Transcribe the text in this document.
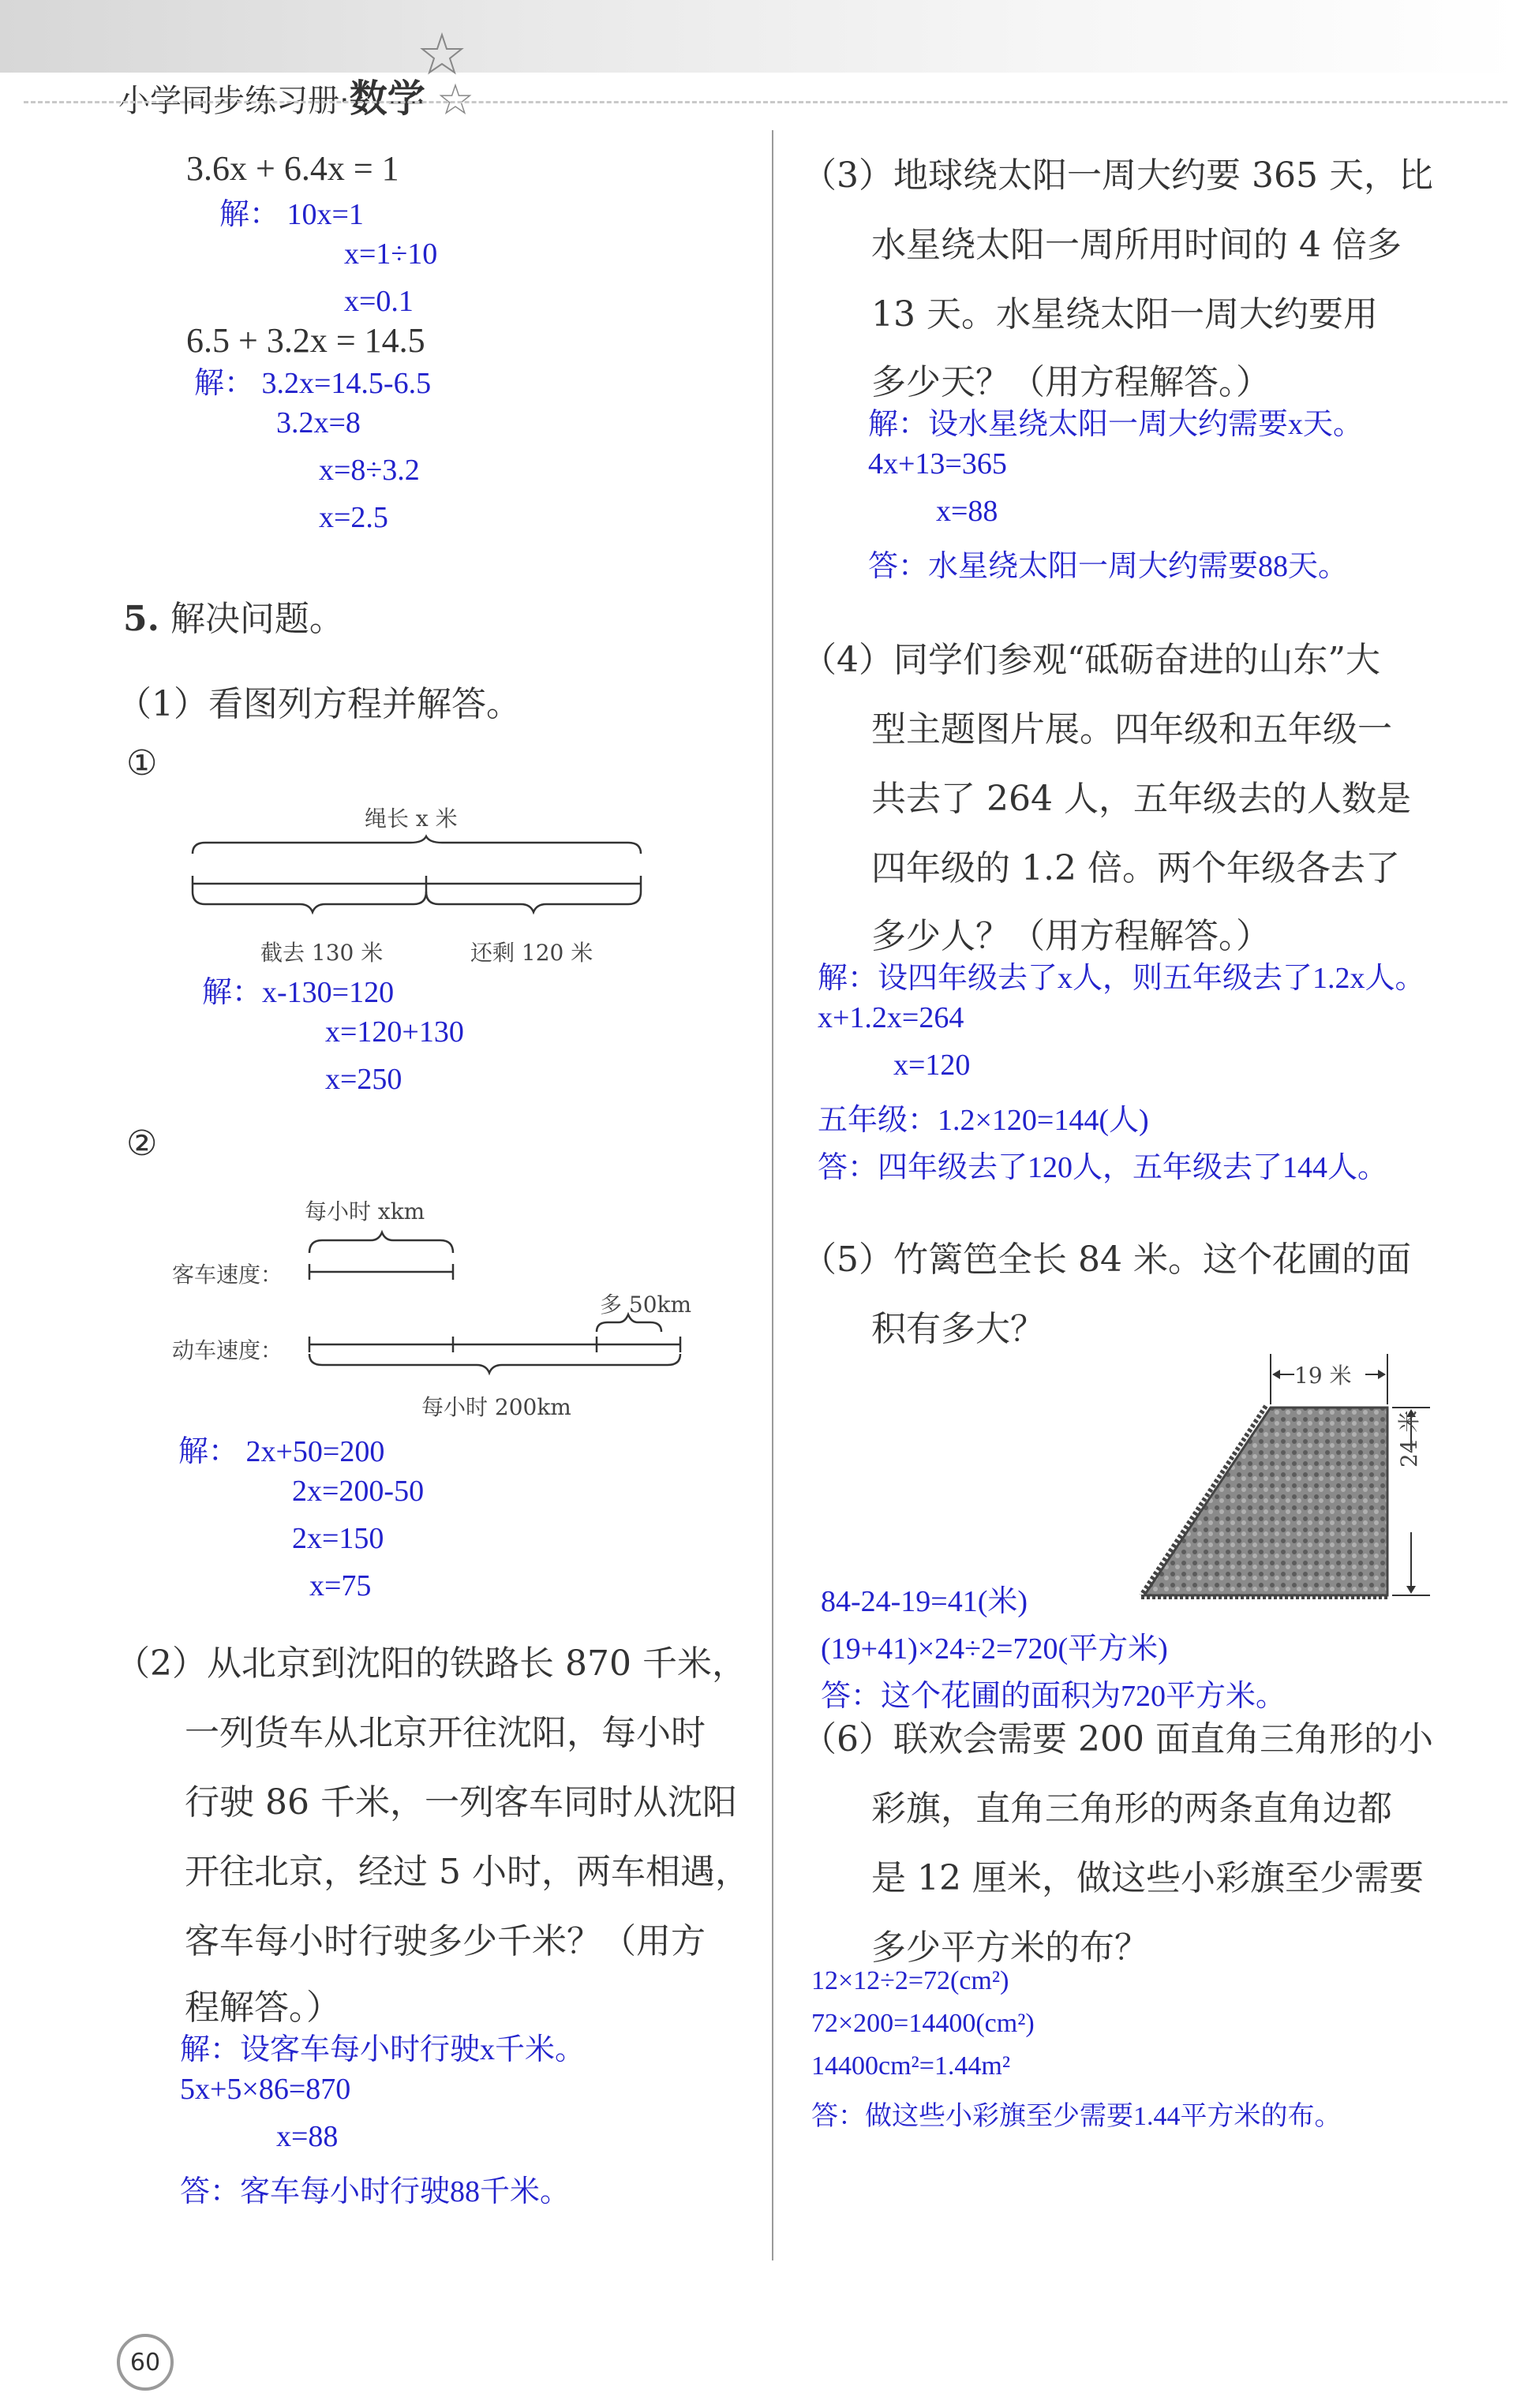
小学同步练习册·数学
3.6x + 6.4x = 1
解： 10x=1
x=1÷10
x=0.1
6.5 + 3.2x = 14.5
解： 3.2x=14.5-6.5
3.2x=8
x=8÷3.2
x=2.5
5. 解决问题。
（1）看图列方程并解答。
①
绳长 x 米
截去 130 米	还剩 120 米
解：x-130=120
x=120+130
x=250
②
每小时 xkm
客车速度：
动车速度：
多 50km
每小时 200km
解： 2x+50=200
2x=200-50
2x=150
x=75
（2）从北京到沈阳的铁路长 870 千米，
一列货车从北京开往沈阳，每小时
行驶 86 千米，一列客车同时从沈阳
开往北京，经过 5 小时，两车相遇，
客车每小时行驶多少千米？（用方
程解答。）
解：设客车每小时行驶x千米。
5x+5×86=870
x=88
答：客车每小时行驶88千米。
（3）地球绕太阳一周大约要 365 天，比
水星绕太阳一周所用时间的 4 倍多
13 天。水星绕太阳一周大约要用
多少天？（用方程解答。）
解：设水星绕太阳一周大约需要x天。
4x+13=365
x=88
答：水星绕太阳一周大约需要88天。
（4）同学们参观“砥砺奋进的山东”大
型主题图片展。四年级和五年级一
共去了 264 人，五年级去的人数是
四年级的 1.2 倍。两个年级各去了
多少人？（用方程解答。）
解：设四年级去了x人，则五年级去了1.2x人。
x+1.2x=264
x=120
五年级：1.2×120=144(人)
答：四年级去了120人，五年级去了144人。
（5）竹篱笆全长 84 米。这个花圃的面
积有多大？
19 米
24 米
84-24-19=41(米)
(19+41)×24÷2=720(平方米)
答：这个花圃的面积为720平方米。
（6）联欢会需要 200 面直角三角形的小
彩旗，直角三角形的两条直角边都
是 12 厘米，做这些小彩旗至少需要
多少平方米的布？
12×12÷2=72(cm²)
72×200=14400(cm²)
14400cm²=1.44m²
答：做这些小彩旗至少需要1.44平方米的布。
60
